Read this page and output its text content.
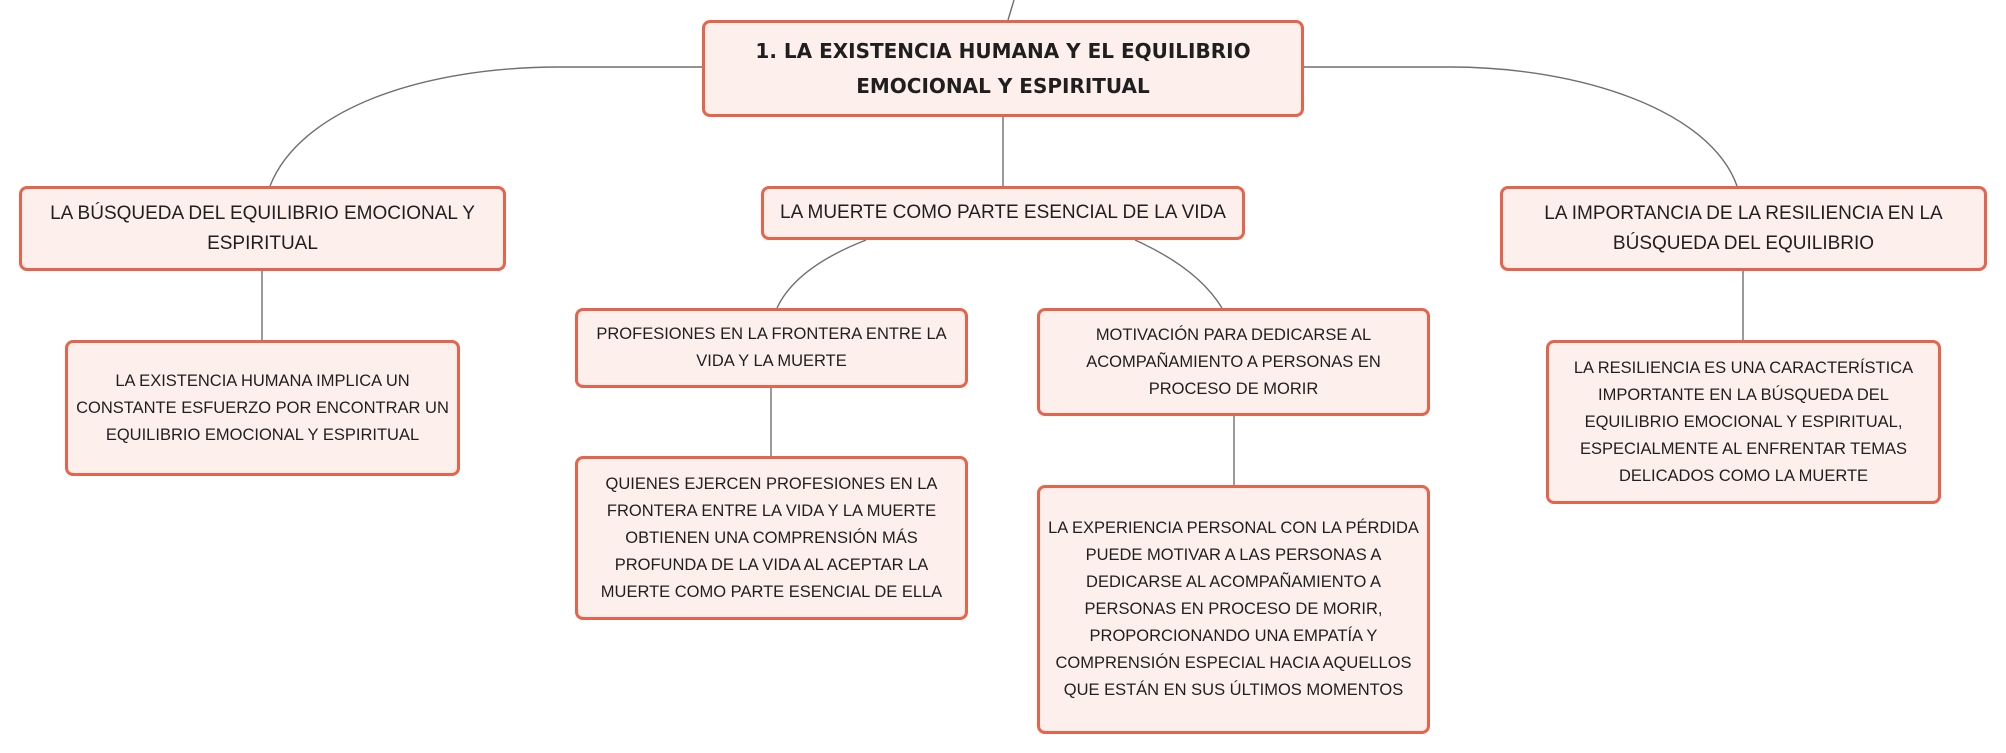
1. LA EXISTENCIA HUMANA Y EL EQUILIBRIO EMOCIONAL Y ESPIRITUAL
LA BÚSQUEDA DEL EQUILIBRIO EMOCIONAL Y ESPIRITUAL
LA MUERTE COMO PARTE ESENCIAL DE LA VIDA	LA IMPORTANCIA DE LA RESILIENCIA EN LA BÚSQUEDA DEL EQUILIBRIO
LA EXISTENCIA HUMANA IMPLICA UN CONSTANTE ESFUERZO POR ENCONTRAR UN EQUILIBRIO EMOCIONAL Y ESPIRITUAL
PROFESIONES EN LA FRONTERA ENTRE LA VIDA Y LA MUERTE
MOTIVACIÓN PARA DEDICARSE AL ACOMPAÑAMIENTO A PERSONAS EN PROCESO DE MORIR
QUIENES EJERCEN PROFESIONES EN LA FRONTERA ENTRE LA VIDA Y LA MUERTE OBTIENEN UNA COMPRENSIÓN MÁS PROFUNDA DE LA VIDA AL ACEPTAR LA MUERTE COMO PARTE ESENCIAL DE ELLA
LA EXPERIENCIA PERSONAL CON LA PÉRDIDA PUEDE MOTIVAR A LAS PERSONAS A DEDICARSE AL ACOMPAÑAMIENTO A PERSONAS EN PROCESO DE MORIR, PROPORCIONANDO UNA EMPATÍA Y COMPRENSIÓN ESPECIAL HACIA AQUELLOS QUE ESTÁN EN SUS ÚLTIMOS MOMENTOS
LA RESILIENCIA ES UNA CARACTERÍSTICA IMPORTANTE EN LA BÚSQUEDA DEL EQUILIBRIO EMOCIONAL Y ESPIRITUAL, ESPECIALMENTE AL ENFRENTAR TEMAS DELICADOS COMO LA MUERTE
